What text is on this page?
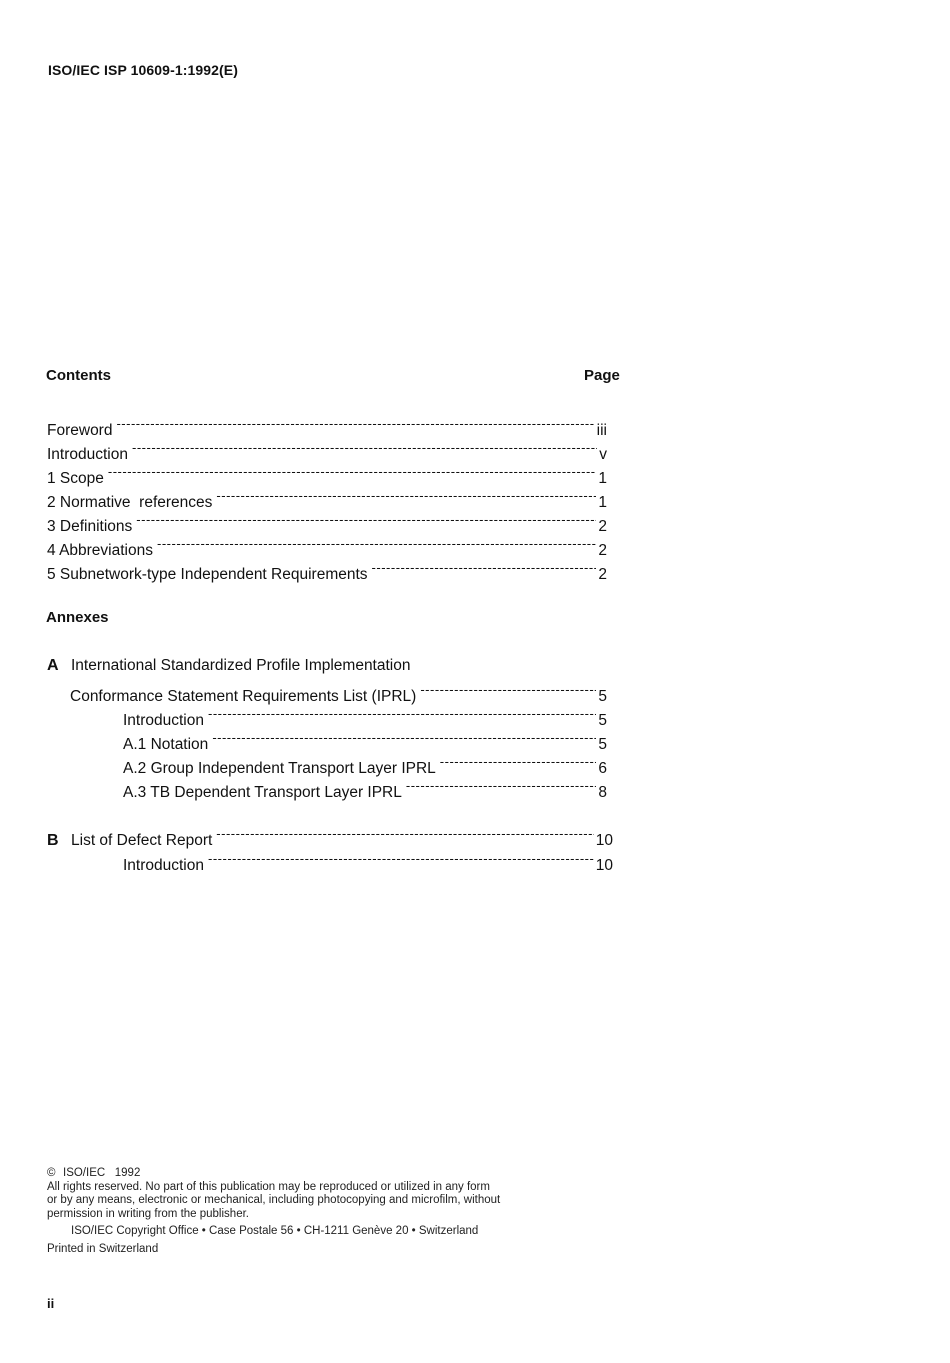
ISO/IEC ISP 10609-1:1992(E)
Contents	Page
Foreword -----	iii
Introduction -----	v
1 Scope -----	1
2 Normative  references -----	1
3 Definitions -----	2
4 Abbreviations -----	2
5 Subnetwork-type Independent Requirements -----	2
Annexes
A International Standardized Profile Implementation
Conformance Statement Requirements List (IPRL) -----	5
Introduction -----	5
A.1 Notation -----	5
A.2 Group Independent Transport Layer IPRL -----	6
A.3 TB Dependent Transport Layer IPRL -----	8
B List of Defect Report -----	10
Introduction -----	10
© ISO/IEC   1992
All rights reserved. No part of this publication may be reproduced or utilized in any form
or by any means, electronic or mechanical, including photocopying and microfilm, without
permission in writing from the publisher.
ISO/IEC Copyright Office • Case Postale 56 • CH-1211 Genève 20 • Switzerland
Printed in Switzerland
ii
